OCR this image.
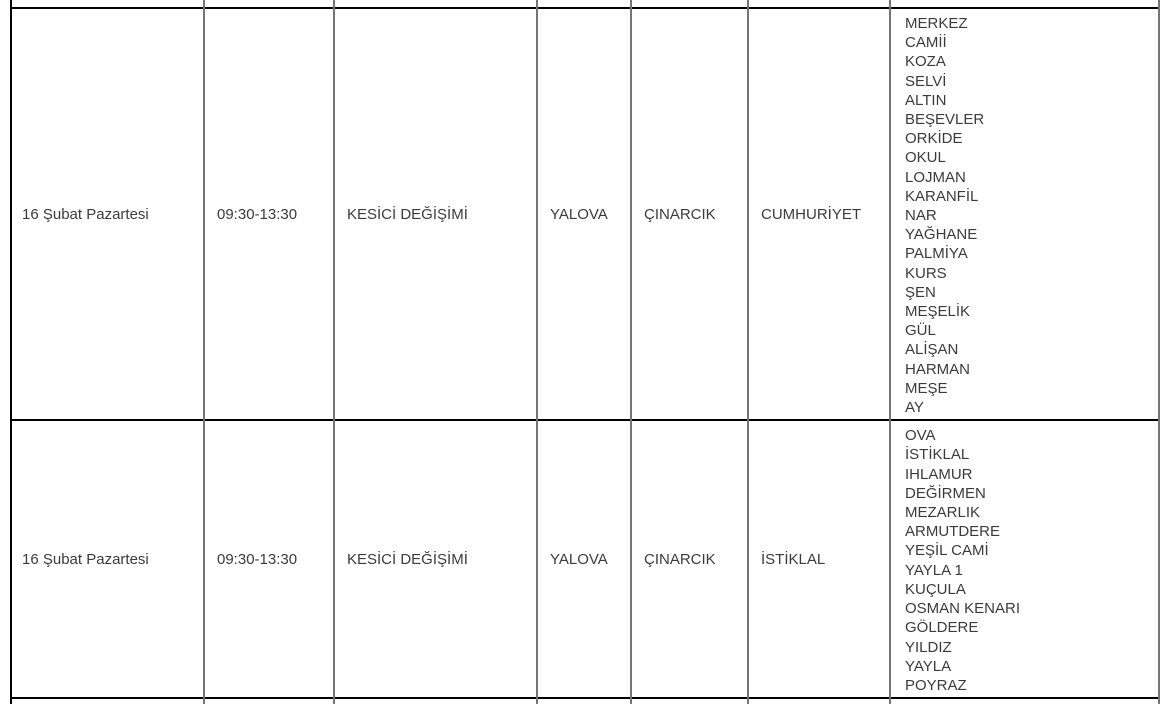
16 Şubat Pazartesi	09:30-13:30	KESİCİ DEĞİŞİMİ	YALOVA	ÇINARCIK	CUMHURİYET	
MERKEZ
CAMİİ
KOZA
SELVİ
ALTIN
BEŞEVLER
ORKİDE
OKUL
LOJMAN
KARANFİL
NAR
YAĞHANE
PALMİYA
KURS
ŞEN
MEŞELİK
GÜL
ALİŞAN
HARMAN
MEŞE
AY

16 Şubat Pazartesi	09:30-13:30	KESİCİ DEĞİŞİMİ	YALOVA	ÇINARCIK	İSTİKLAL	
OVA
İSTİKLAL
IHLAMUR
DEĞİRMEN
MEZARLIK
ARMUTDERE
YEŞİL CAMİ
YAYLA 1
KUÇULA
OSMAN KENARI
GÖLDERE
YILDIZ
YAYLA
POYRAZ
